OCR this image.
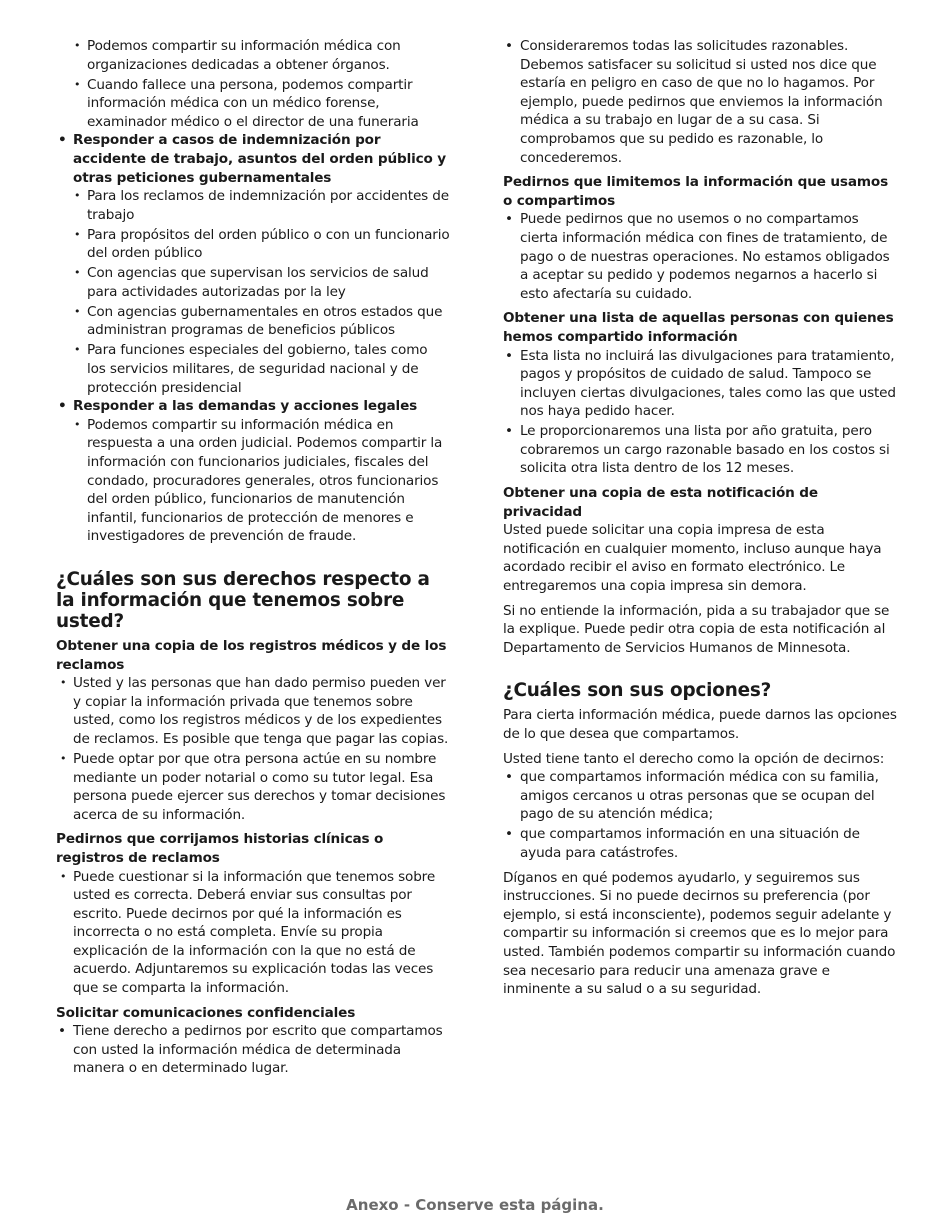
• Podemos compartir su información médica con organizaciones dedicadas a obtener órganos.
• Cuando fallece una persona, podemos compartir información médica con un médico forense, examinador médico o el director de una funeraria
• Responder a casos de indemnización por accidente de trabajo, asuntos del orden público y otras peticiones gubernamentales
• Para los reclamos de indemnización por accidentes de trabajo
• Para propósitos del orden público o con un funcionario del orden público
• Con agencias que supervisan los servicios de salud para actividades autorizadas por la ley
• Con agencias gubernamentales en otros estados que administran programas de beneficios públicos
• Para funciones especiales del gobierno, tales como los servicios militares, de seguridad nacional y de protección presidencial
• Responder a las demandas y acciones legales
• Podemos compartir su información médica en respuesta a una orden judicial. Podemos compartir la información con funcionarios judiciales, fiscales del condado, procuradores generales, otros funcionarios del orden público, funcionarios de manutención infantil, funcionarios de protección de menores e investigadores de prevención de fraude.
¿Cuáles son sus derechos respecto a la información que tenemos sobre usted?
Obtener una copia de los registros médicos y de los reclamos
• Usted y las personas que han dado permiso pueden ver y copiar la información privada que tenemos sobre usted, como los registros médicos y de los expedientes de reclamos. Es posible que tenga que pagar las copias.
• Puede optar por que otra persona actúe en su nombre mediante un poder notarial o como su tutor legal. Esa persona puede ejercer sus derechos y tomar decisiones acerca de su información.
Pedirnos que corrijamos historias clínicas o registros de reclamos
• Puede cuestionar si la información que tenemos sobre usted es correcta. Deberá enviar sus consultas por escrito. Puede decirnos por qué la información es incorrecta o no está completa. Envíe su propia explicación de la información con la que no está de acuerdo. Adjuntaremos su explicación todas las veces que se comparta la información.
Solicitar comunicaciones confidenciales
• Tiene derecho a pedirnos por escrito que compartamos con usted la información médica de determinada manera o en determinado lugar.
• Consideraremos todas las solicitudes razonables. Debemos satisfacer su solicitud si usted nos dice que estaría en peligro en caso de que no lo hagamos. Por ejemplo, puede pedirnos que enviemos la información médica a su trabajo en lugar de a su casa. Si comprobamos que su pedido es razonable, lo concederemos.
Pedirnos que limitemos la información que usamos o compartimos
• Puede pedirnos que no usemos o no compartamos cierta información médica con fines de tratamiento, de pago o de nuestras operaciones. No estamos obligados a aceptar su pedido y podemos negarnos a hacerlo si esto afectaría su cuidado.
Obtener una lista de aquellas personas con quienes hemos compartido información
• Esta lista no incluirá las divulgaciones para tratamiento, pagos y propósitos de cuidado de salud. Tampoco se incluyen ciertas divulgaciones, tales como las que usted nos haya pedido hacer.
• Le proporcionaremos una lista por año gratuita, pero cobraremos un cargo razonable basado en los costos si solicita otra lista dentro de los 12 meses.
Obtener una copia de esta notificación de privacidad

Usted puede solicitar una copia impresa de esta notificación en cualquier momento, incluso aunque haya acordado recibir el aviso en formato electrónico. Le entregaremos una copia impresa sin demora.

Si no entiende la información, pida a su trabajador que se la explique. Puede pedir otra copia de esta notificación al Departamento de Servicios Humanos de Minnesota.

¿Cuáles son sus opciones?

Para cierta información médica, puede darnos las opciones de lo que desea que compartamos.

Usted tiene tanto el derecho como la opción de decirnos:

• que compartamos información médica con su familia, amigos cercanos u otras personas que se ocupan del pago de su atención médica;
• que compartamos información en una situación de ayuda para catástrofes.

Díganos en qué podemos ayudarlo, y seguiremos sus instrucciones. Si no puede decirnos su preferencia (por ejemplo, si está inconsciente), podemos seguir adelante y compartir su información si creemos que es lo mejor para usted. También podemos compartir su información cuando sea necesario para reducir una amenaza grave e inminente a su salud o a su seguridad.

Anexo - Conserve esta página.
